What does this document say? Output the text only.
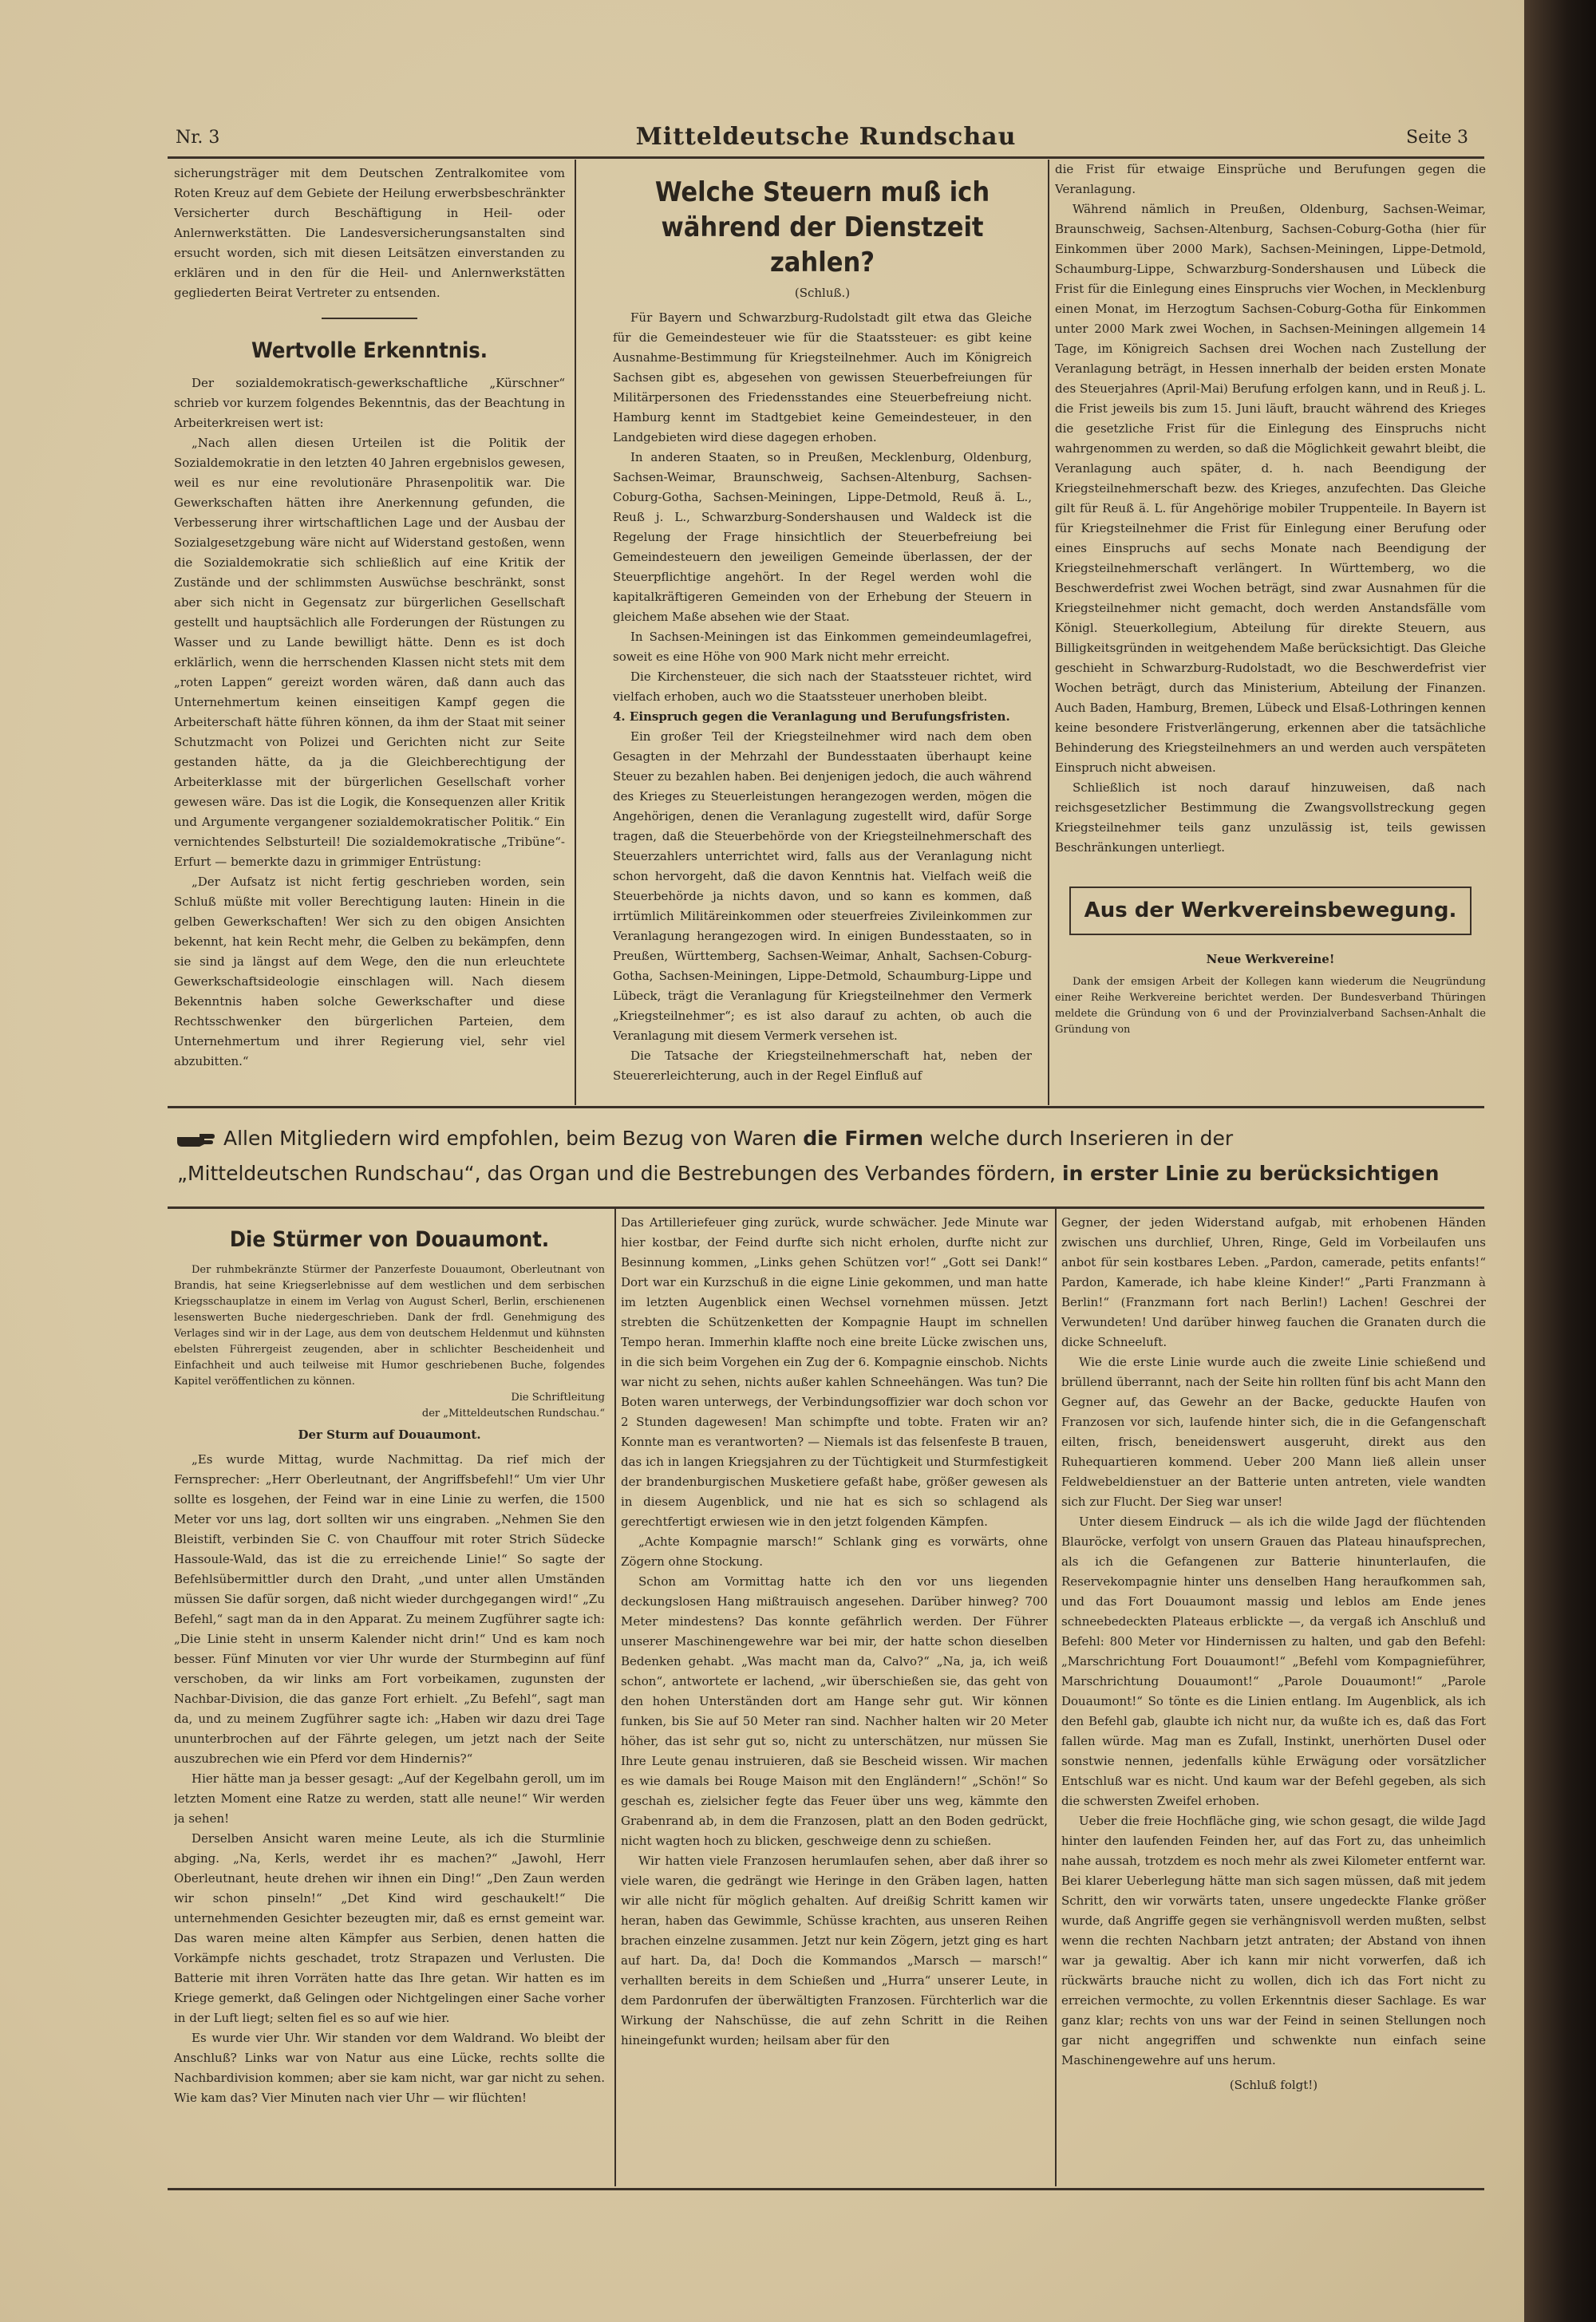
Nr. 3	Mitteldeutsche Rundschau	Seite 3

sicherungsträger mit dem Deutschen Zentralkomitee vom Roten Kreuz auf dem Gebiete der Heilung erwerbsbeschränkter Versicherter durch Beschäftigung in Heil- oder Anlernwerkstätten. Die Landesversicherungsanstalten sind ersucht worden, sich mit diesen Leitsätzen einverstanden zu erklären und in den für die Heil- und Anlernwerkstätten gegliederten Beirat Vertreter zu entsenden.

Wertvolle Erkenntnis.

Der sozialdemokratisch-gewerkschaftliche „Kürschner“ schrieb vor kurzem folgendes Bekenntnis, das der Beachtung in Arbeiterkreisen wert ist:

„Nach allen diesen Urteilen ist die Politik der Sozialdemokratie in den letzten 40 Jahren ergebnislos gewesen, weil es nur eine revolutionäre Phrasenpolitik war. Die Gewerkschaften hätten ihre Anerkennung gefunden, die Verbesserung ihrer wirtschaftlichen Lage und der Ausbau der Sozialgesetzgebung wäre nicht auf Widerstand gestoßen, wenn die Sozialdemokratie sich schließlich auf eine Kritik der Zustände und der schlimmsten Auswüchse beschränkt, sonst aber sich nicht in Gegensatz zur bürgerlichen Gesellschaft gestellt und hauptsächlich alle Forderungen der Rüstungen zu Wasser und zu Lande bewilligt hätte. Denn es ist doch erklärlich, wenn die herrschenden Klassen nicht stets mit dem „roten Lappen“ gereizt worden wären, daß dann auch das Unternehmertum keinen einseitigen Kampf gegen die Arbeiterschaft hätte führen können, da ihm der Staat mit seiner Schutzmacht von Polizei und Gerichten nicht zur Seite gestanden hätte, da ja die Gleichberechtigung der Arbeiterklasse mit der bürgerlichen Gesellschaft vorher gewesen wäre. Das ist die Logik, die Konsequenzen aller Kritik und Argumente vergangener sozialdemokratischer Politik.“ Ein vernichtendes Selbsturteil! Die sozialdemokratische „Tribüne“-Erfurt — bemerkte dazu in grimmiger Entrüstung:

„Der Aufsatz ist nicht fertig geschrieben worden, sein Schluß müßte mit voller Berechtigung lauten: Hinein in die gelben Gewerkschaften! Wer sich zu den obigen Ansichten bekennt, hat kein Recht mehr, die Gelben zu bekämpfen, denn sie sind ja längst auf dem Wege, den die nun erleuchtete Gewerkschaftsideologie einschlagen will. Nach diesem Bekenntnis haben solche Gewerkschafter und diese Rechtsschwenker den bürgerlichen Parteien, dem Unternehmertum und ihrer Regierung viel, sehr viel abzubitten.“

Welche Steuern muß ich während der Dienstzeit zahlen?
(Schluß.)

Für Bayern und Schwarzburg-Rudolstadt gilt etwa das Gleiche für die Gemeindesteuer wie für die Staatssteuer: es gibt keine Ausnahme-Bestimmung für Kriegsteilnehmer. Auch im Königreich Sachsen gibt es, abgesehen von gewissen Steuerbefreiungen für Militärpersonen des Friedensstandes eine Steuerbefreiung nicht. Hamburg kennt im Stadtgebiet keine Gemeindesteuer, in den Landgebieten wird diese dagegen erhoben.

In anderen Staaten, so in Preußen, Mecklenburg, Oldenburg, Sachsen-Weimar, Braunschweig, Sachsen-Altenburg, Sachsen-Coburg-Gotha, Sachsen-Meiningen, Lippe-Detmold, Reuß ä. L., Reuß j. L., Schwarzburg-Sondershausen und Waldeck ist die Regelung der Frage hinsichtlich der Steuerbefreiung bei Gemeindesteuern den jeweiligen Gemeinde überlassen, der der Steuerpflichtige angehört. In der Regel werden wohl die kapitalkräftigeren Gemeinden von der Erhebung der Steuern in gleichem Maße absehen wie der Staat.

In Sachsen-Meiningen ist das Einkommen gemeindeumlagefrei, soweit es eine Höhe von 900 Mark nicht mehr erreicht.

Die Kirchensteuer, die sich nach der Staatssteuer richtet, wird vielfach erhoben, auch wo die Staatssteuer unerhoben bleibt.

4. Einspruch gegen die Veranlagung und Berufungsfristen.

Ein großer Teil der Kriegsteilnehmer wird nach dem oben Gesagten in der Mehrzahl der Bundesstaaten überhaupt keine Steuer zu bezahlen haben. Bei denjenigen jedoch, die auch während des Krieges zu Steuerleistungen herangezogen werden, mögen die Angehörigen, denen die Veranlagung zugestellt wird, dafür Sorge tragen, daß die Steuerbehörde von der Kriegsteilnehmerschaft des Steuerzahlers unterrichtet wird, falls aus der Veranlagung nicht schon hervorgeht, daß die davon Kenntnis hat. Vielfach weiß die Steuerbehörde ja nichts davon, und so kann es kommen, daß irrtümlich Militäreinkommen oder steuerfreies Zivileinkommen zur Veranlagung herangezogen wird. In einigen Bundesstaaten, so in Preußen, Württemberg, Sachsen-Weimar, Anhalt, Sachsen-Coburg-Gotha, Sachsen-Meiningen, Lippe-Detmold, Schaumburg-Lippe und Lübeck, trägt die Veranlagung für Kriegsteilnehmer den Vermerk „Kriegsteilnehmer“; es ist also darauf zu achten, ob auch die Veranlagung mit diesem Vermerk versehen ist.

Die Tatsache der Kriegsteilnehmerschaft hat, neben der Steuererleichterung, auch in der Regel Einfluß auf

die Frist für etwaige Einsprüche und Berufungen gegen die Veranlagung.

Während nämlich in Preußen, Oldenburg, Sachsen-Weimar, Braunschweig, Sachsen-Altenburg, Sachsen-Coburg-Gotha (hier für Einkommen über 2000 Mark), Sachsen-Meiningen, Lippe-Detmold, Schaumburg-Lippe, Schwarzburg-Sondershausen und Lübeck die Frist für die Einlegung eines Einspruchs vier Wochen, in Mecklenburg einen Monat, im Herzogtum Sachsen-Coburg-Gotha für Einkommen unter 2000 Mark zwei Wochen, in Sachsen-Meiningen allgemein 14 Tage, im Königreich Sachsen drei Wochen nach Zustellung der Veranlagung beträgt, in Hessen innerhalb der beiden ersten Monate des Steuerjahres (April-Mai) Berufung erfolgen kann, und in Reuß j. L. die Frist jeweils bis zum 15. Juni läuft, braucht während des Krieges die gesetzliche Frist für die Einlegung des Einspruchs nicht wahrgenommen zu werden, so daß die Möglichkeit gewahrt bleibt, die Veranlagung auch später, d. h. nach Beendigung der Kriegsteilnehmerschaft bezw. des Krieges, anzufechten. Das Gleiche gilt für Reuß ä. L. für Angehörige mobiler Truppenteile. In Bayern ist für Kriegsteilnehmer die Frist für Einlegung einer Berufung oder eines Einspruchs auf sechs Monate nach Beendigung der Kriegsteilnehmerschaft verlängert. In Württemberg, wo die Beschwerdefrist zwei Wochen beträgt, sind zwar Ausnahmen für die Kriegsteilnehmer nicht gemacht, doch werden Anstandsfälle vom Königl. Steuerkollegium, Abteilung für direkte Steuern, aus Billigkeitsgründen in weitgehendem Maße berücksichtigt. Das Gleiche geschieht in Schwarzburg-Rudolstadt, wo die Beschwerdefrist vier Wochen beträgt, durch das Ministerium, Abteilung der Finanzen. Auch Baden, Hamburg, Bremen, Lübeck und Elsaß-Lothringen kennen keine besondere Fristverlängerung, erkennen aber die tatsächliche Behinderung des Kriegsteilnehmers an und werden auch verspäteten Einspruch nicht abweisen.

Schließlich ist noch darauf hinzuweisen, daß nach reichsgesetzlicher Bestimmung die Zwangsvollstreckung gegen Kriegsteilnehmer teils ganz unzulässig ist, teils gewissen Beschränkungen unterliegt.

Aus der Werkvereinsbewegung.
Neue Werkvereine!

Dank der emsigen Arbeit der Kollegen kann wiederum die Neugründung einer Reihe Werkvereine berichtet werden. Der Bundesverband Thüringen meldete die Gründung von 6 und der Provinzialverband Sachsen-Anhalt die Gründung von

Allen Mitgliedern wird empfohlen, beim Bezug von Waren die Firmen welche durch Inserieren in der
„Mitteldeutschen Rundschau“, das Organ und die Bestrebungen des Verbandes fördern, in erster Linie zu berücksichtigen
Die Stürmer von Douaumont.

Der ruhmbekränzte Stürmer der Panzerfeste Douaumont, Oberleutnant von Brandis, hat seine Kriegserlebnisse auf dem westlichen und dem serbischen Kriegsschauplatze in einem im Verlag von August Scherl, Berlin, erschienenen lesenswerten Buche niedergeschrieben. Dank der frdl. Genehmigung des Verlages sind wir in der Lage, aus dem von deutschem Heldenmut und kühnsten ebelsten Führergeist zeugenden, aber in schlichter Bescheidenheit und Einfachheit und auch teilweise mit Humor geschriebenen Buche, folgendes Kapitel veröffentlichen zu können.

Die Schriftleitung
der „Mitteldeutschen Rundschau.“
Der Sturm auf Douaumont.

„Es wurde Mittag, wurde Nachmittag. Da rief mich der Fernsprecher: „Herr Oberleutnant, der Angriffsbefehl!“ Um vier Uhr sollte es losgehen, der Feind war in eine Linie zu werfen, die 1500 Meter vor uns lag, dort sollten wir uns eingraben. „Nehmen Sie den Bleistift, verbinden Sie C. von Chauffour mit roter Strich Südecke Hassoule-Wald, das ist die zu erreichende Linie!“ So sagte der Befehlsübermittler durch den Draht, „und unter allen Umständen müssen Sie dafür sorgen, daß nicht wieder durchgegangen wird!“ „Zu Befehl,“ sagt man da in den Apparat. Zu meinem Zugführer sagte ich: „Die Linie steht in unserm Kalender nicht drin!“ Und es kam noch besser. Fünf Minuten vor vier Uhr wurde der Sturmbeginn auf fünf verschoben, da wir links am Fort vorbeikamen, zugunsten der Nachbar-Division, die das ganze Fort erhielt. „Zu Befehl“, sagt man da, und zu meinem Zugführer sagte ich: „Haben wir dazu drei Tage ununterbrochen auf der Fährte gelegen, um jetzt nach der Seite auszubrechen wie ein Pferd vor dem Hindernis?“

Hier hätte man ja besser gesagt: „Auf der Kegelbahn geroll, um im letzten Moment eine Ratze zu werden, statt alle neune!“ Wir werden ja sehen!

Derselben Ansicht waren meine Leute, als ich die Sturmlinie abging. „Na, Kerls, werdet ihr es machen?“ „Jawohl, Herr Oberleutnant, heute drehen wir ihnen ein Ding!“ „Den Zaun werden wir schon pinseln!“ „Det Kind wird geschaukelt!“ Die unternehmenden Gesichter bezeugten mir, daß es ernst gemeint war. Das waren meine alten Kämpfer aus Serbien, denen hatten die Vorkämpfe nichts geschadet, trotz Strapazen und Verlusten. Die Batterie mit ihren Vorräten hatte das Ihre getan. Wir hatten es im Kriege gemerkt, daß Gelingen oder Nichtgelingen einer Sache vorher in der Luft liegt; selten fiel es so auf wie hier.

Es wurde vier Uhr. Wir standen vor dem Waldrand. Wo bleibt der Anschluß? Links war von Natur aus eine Lücke, rechts sollte die Nachbardivision kommen; aber sie kam nicht, war gar nicht zu sehen. Wie kam das? Vier Minuten nach vier Uhr — wir flüchten!

Das Artilleriefeuer ging zurück, wurde schwächer. Jede Minute war hier kostbar, der Feind durfte sich nicht erholen, durfte nicht zur Besinnung kommen, „Links gehen Schützen vor!“ „Gott sei Dank!“ Dort war ein Kurzschuß in die eigne Linie gekommen, und man hatte im letzten Augenblick einen Wechsel vornehmen müssen. Jetzt strebten die Schützenketten der Kompagnie Haupt im schnellen Tempo heran. Immerhin klaffte noch eine breite Lücke zwischen uns, in die sich beim Vorgehen ein Zug der 6. Kompagnie einschob. Nichts war nicht zu sehen, nichts außer kahlen Schneehängen. Was tun? Die Boten waren unterwegs, der Verbindungsoffizier war doch schon vor 2 Stunden dagewesen! Man schimpfte und tobte. Fraten wir an? Konnte man es verantworten? — Niemals ist das felsenfeste B trauen, das ich in langen Kriegsjahren zu der Tüchtigkeit und Sturmfestigkeit der brandenburgischen Musketiere gefaßt habe, größer gewesen als in diesem Augenblick, und nie hat es sich so schlagend als gerechtfertigt erwiesen wie in den jetzt folgenden Kämpfen.

„Achte Kompagnie marsch!“ Schlank ging es vorwärts, ohne Zögern ohne Stockung.

Schon am Vormittag hatte ich den vor uns liegenden deckungslosen Hang mißtrauisch angesehen. Darüber hinweg? 700 Meter mindestens? Das konnte gefährlich werden. Der Führer unserer Maschinengewehre war bei mir, der hatte schon dieselben Bedenken gehabt. „Was macht man da, Calvo?“ „Na, ja, ich weiß schon“, antwortete er lachend, „wir überschießen sie, das geht von den hohen Unterständen dort am Hange sehr gut. Wir können funken, bis Sie auf 50 Meter ran sind. Nachher halten wir 20 Meter höher, das ist sehr gut so, nicht zu unterschätzen, nur müssen Sie Ihre Leute genau instruieren, daß sie Bescheid wissen. Wir machen es wie damals bei Rouge Maison mit den Engländern!“ „Schön!“ So geschah es, zielsicher fegte das Feuer über uns weg, kämmte den Grabenrand ab, in dem die Franzosen, platt an den Boden gedrückt, nicht wagten hoch zu blicken, geschweige denn zu schießen.

Wir hatten viele Franzosen herumlaufen sehen, aber daß ihrer so viele waren, die gedrängt wie Heringe in den Gräben lagen, hatten wir alle nicht für möglich gehalten. Auf dreißig Schritt kamen wir heran, haben das Gewimmle, Schüsse krachten, aus unseren Reihen brachen einzelne zusammen. Jetzt nur kein Zögern, jetzt ging es hart auf hart. Da, da! Doch die Kommandos „Marsch — marsch!“ verhallten bereits in dem Schießen und „Hurra“ unserer Leute, in dem Pardonrufen der überwältigten Franzosen. Fürchterlich war die Wirkung der Nahschüsse, die auf zehn Schritt in die Reihen hineingefunkt wurden; heilsam aber für den

Gegner, der jeden Widerstand aufgab, mit erhobenen Händen zwischen uns durchlief, Uhren, Ringe, Geld im Vorbeilaufen uns anbot für sein kostbares Leben. „Pardon, camerade, petits enfants!“ Pardon, Kamerade, ich habe kleine Kinder!“ „Parti Franzmann à Berlin!“ (Franzmann fort nach Berlin!) Lachen! Geschrei der Verwundeten! Und darüber hinweg fauchen die Granaten durch die dicke Schneeluft.

Wie die erste Linie wurde auch die zweite Linie schießend und brüllend überrannt, nach der Seite hin rollten fünf bis acht Mann den Gegner auf, das Gewehr an der Backe, geduckte Haufen von Franzosen vor sich, laufende hinter sich, die in die Gefangenschaft eilten, frisch, beneidenswert ausgeruht, direkt aus den Ruhequartieren kommend. Ueber 200 Mann ließ allein unser Feldwebeldienstuer an der Batterie unten antreten, viele wandten sich zur Flucht. Der Sieg war unser!

Unter diesem Eindruck — als ich die wilde Jagd der flüchtenden Blauröcke, verfolgt von unsern Grauen das Plateau hinaufsprechen, als ich die Gefangenen zur Batterie hinunterlaufen, die Reservekompagnie hinter uns denselben Hang heraufkommen sah, und das Fort Douaumont massig und leblos am Ende jenes schneebedeckten Plateaus erblickte —, da vergaß ich Anschluß und Befehl: 800 Meter vor Hindernissen zu halten, und gab den Befehl: „Marschrichtung Fort Douaumont!“ „Befehl vom Kompagnieführer, Marschrichtung Douaumont!“ „Parole Douaumont!“ „Parole Douaumont!“ So tönte es die Linien entlang. Im Augenblick, als ich den Befehl gab, glaubte ich nicht nur, da wußte ich es, daß das Fort fallen würde. Mag man es Zufall, Instinkt, unerhörten Dusel oder sonstwie nennen, jedenfalls kühle Erwägung oder vorsätzlicher Entschluß war es nicht. Und kaum war der Befehl gegeben, als sich die schwersten Zweifel erhoben.

Ueber die freie Hochfläche ging, wie schon gesagt, die wilde Jagd hinter den laufenden Feinden her, auf das Fort zu, das unheimlich nahe aussah, trotzdem es noch mehr als zwei Kilometer entfernt war. Bei klarer Ueberlegung hätte man sich sagen müssen, daß mit jedem Schritt, den wir vorwärts taten, unsere ungedeckte Flanke größer wurde, daß Angriffe gegen sie verhängnisvoll werden mußten, selbst wenn die rechten Nachbarn jetzt antraten; der Abstand von ihnen war ja gewaltig. Aber ich kann mir nicht vorwerfen, daß ich rückwärts brauche nicht zu wollen, dich ich das Fort nicht zu erreichen vermochte, zu vollen Erkenntnis dieser Sachlage. Es war ganz klar; rechts von uns war der Feind in seinen Stellungen noch gar nicht angegriffen und schwenkte nun einfach seine Maschinengewehre auf uns herum.

(Schluß folgt!)
